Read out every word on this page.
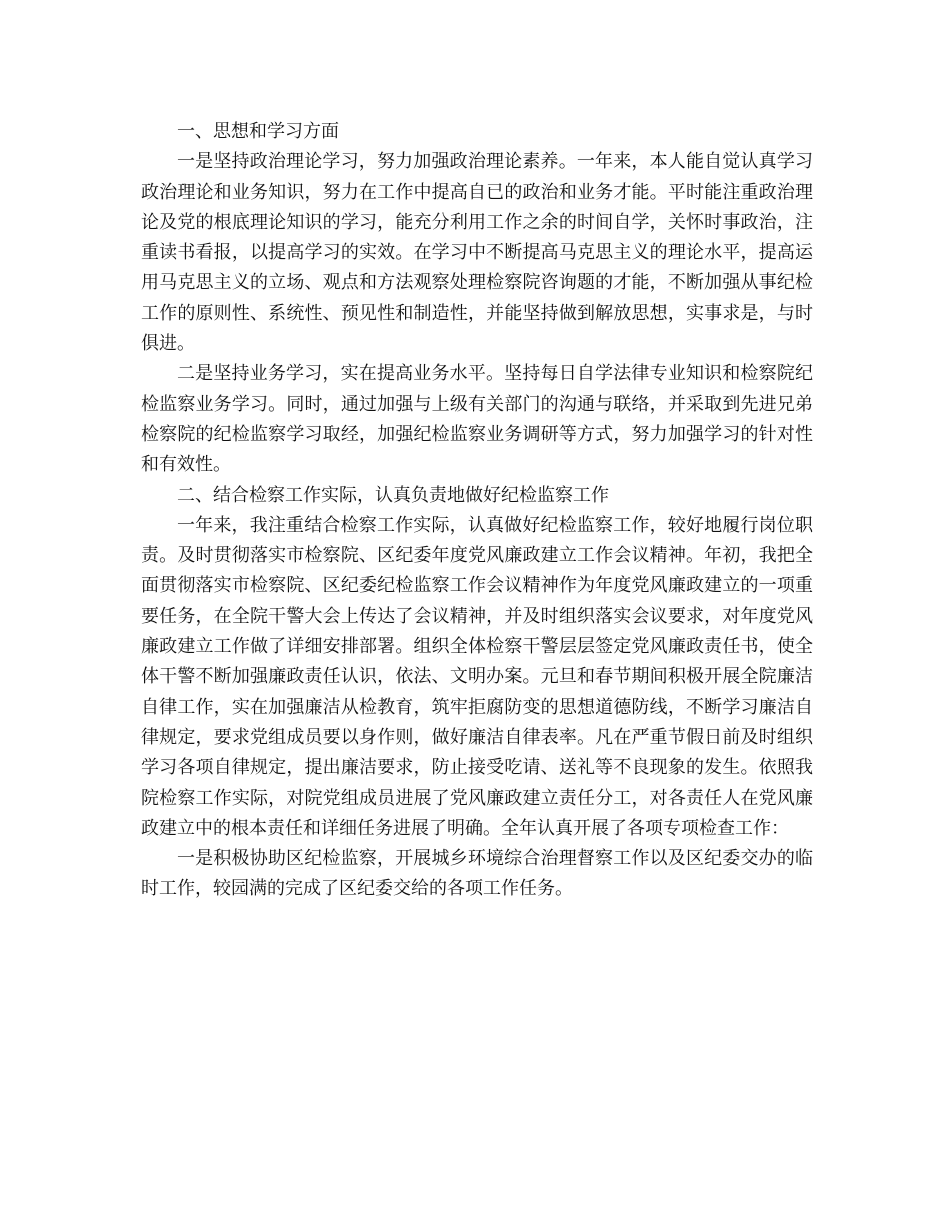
一、思想和学习方面

一是坚持政治理论学习，努力加强政治理论素养。一年来，本人能自觉认真学习政治理论和业务知识，努力在工作中提高自已的政治和业务才能。平时能注重政治理论及党的根底理论知识的学习，能充分利用工作之余的时间自学，关怀时事政治，注重读书看报，以提高学习的实效。在学习中不断提高马克思主义的理论水平，提高运用马克思主义的立场、观点和方法观察处理检察院咨询题的才能，不断加强从事纪检工作的原则性、系统性、预见性和制造性，并能坚持做到解放思想，实事求是，与时俱进。

二是坚持业务学习，实在提高业务水平。坚持每日自学法律专业知识和检察院纪检监察业务学习。同时，通过加强与上级有关部门的沟通与联络，并采取到先进兄弟检察院的纪检监察学习取经，加强纪检监察业务调研等方式，努力加强学习的针对性和有效性。

二、结合检察工作实际，认真负责地做好纪检监察工作

一年来，我注重结合检察工作实际，认真做好纪检监察工作，较好地履行岗位职责。及时贯彻落实市检察院、区纪委年度党风廉政建立工作会议精神。年初，我把全面贯彻落实市检察院、区纪委纪检监察工作会议精神作为年度党风廉政建立的一项重要任务，在全院干警大会上传达了会议精神，并及时组织落实会议要求，对年度党风廉政建立工作做了详细安排部署。组织全体检察干警层层签定党风廉政责任书，使全体干警不断加强廉政责任认识，依法、文明办案。元旦和春节期间积极开展全院廉洁自律工作，实在加强廉洁从检教育，筑牢拒腐防变的思想道德防线，不断学习廉洁自律规定，要求党组成员要以身作则，做好廉洁自律表率。凡在严重节假日前及时组织学习各项自律规定，提出廉洁要求，防止接受吃请、送礼等不良现象的发生。依照我院检察工作实际，对院党组成员进展了党风廉政建立责任分工，对各责任人在党风廉政建立中的根本责任和详细任务进展了明确。全年认真开展了各项专项检查工作：

一是积极协助区纪检监察，开展城乡环境综合治理督察工作以及区纪委交办的临时工作，较园满的完成了区纪委交给的各项工作任务。
